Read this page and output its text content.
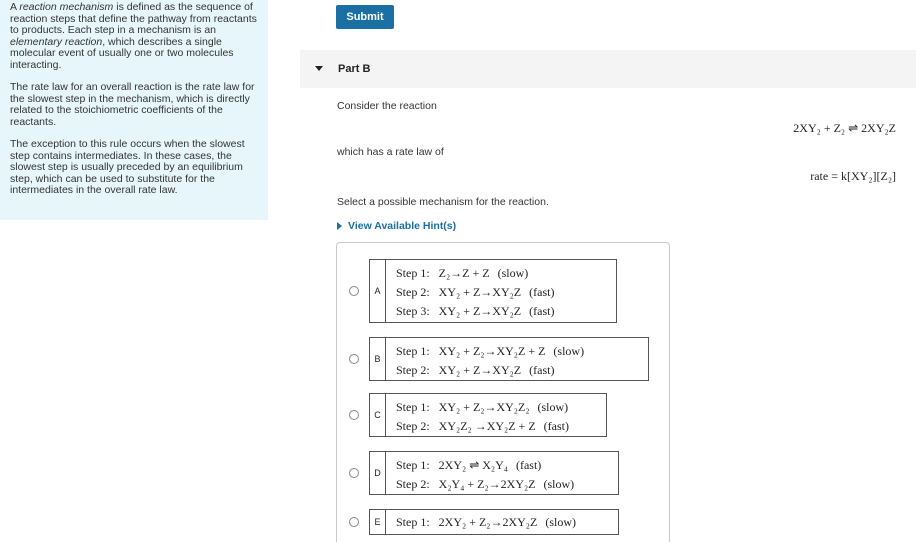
A reaction mechanism is defined as the sequence of reaction steps that define the pathway from reactants to products. Each step in a mechanism is an elementary reaction, which describes a single molecular event of usually one or two molecules interacting.

The rate law for an overall reaction is the rate law for the slowest step in the mechanism, which is directly related to the stoichiometric coefficients of the reactants.

The exception to this rule occurs when the slowest step contains intermediates. In these cases, the slowest step is usually preceded by an equilibrium step, which can be used to substitute for the intermediates in the overall rate law.

Submit
Part B
Consider the reaction
2XY₂ + Z₂ ⇌ 2XY₂Z
which has a rate law of
rate = k[XY₂][Z₂]
Select a possible mechanism for the reaction.
View Available Hint(s)
A
Step 1: Z₂→Z + Z (slow)
Step 2: XY₂ + Z→XY₂Z (fast)
Step 3: XY₂ + Z→XY₂Z (fast)
B
Step 1: XY₂ + Z₂→XY₂Z + Z (slow)
Step 2: XY₂ + Z→XY₂Z (fast)
C
Step 1: XY₂ + Z₂→XY₂Z₂ (slow)
Step 2: XY₂Z₂ →XY₂Z + Z (fast)
D
Step 1: 2XY₂ ⇌ X₂Y₄ (fast)
Step 2: X₂Y₄ + Z₂→2XY₂Z (slow)
E	Step 1: 2XY₂ + Z₂→2XY₂Z (slow)
